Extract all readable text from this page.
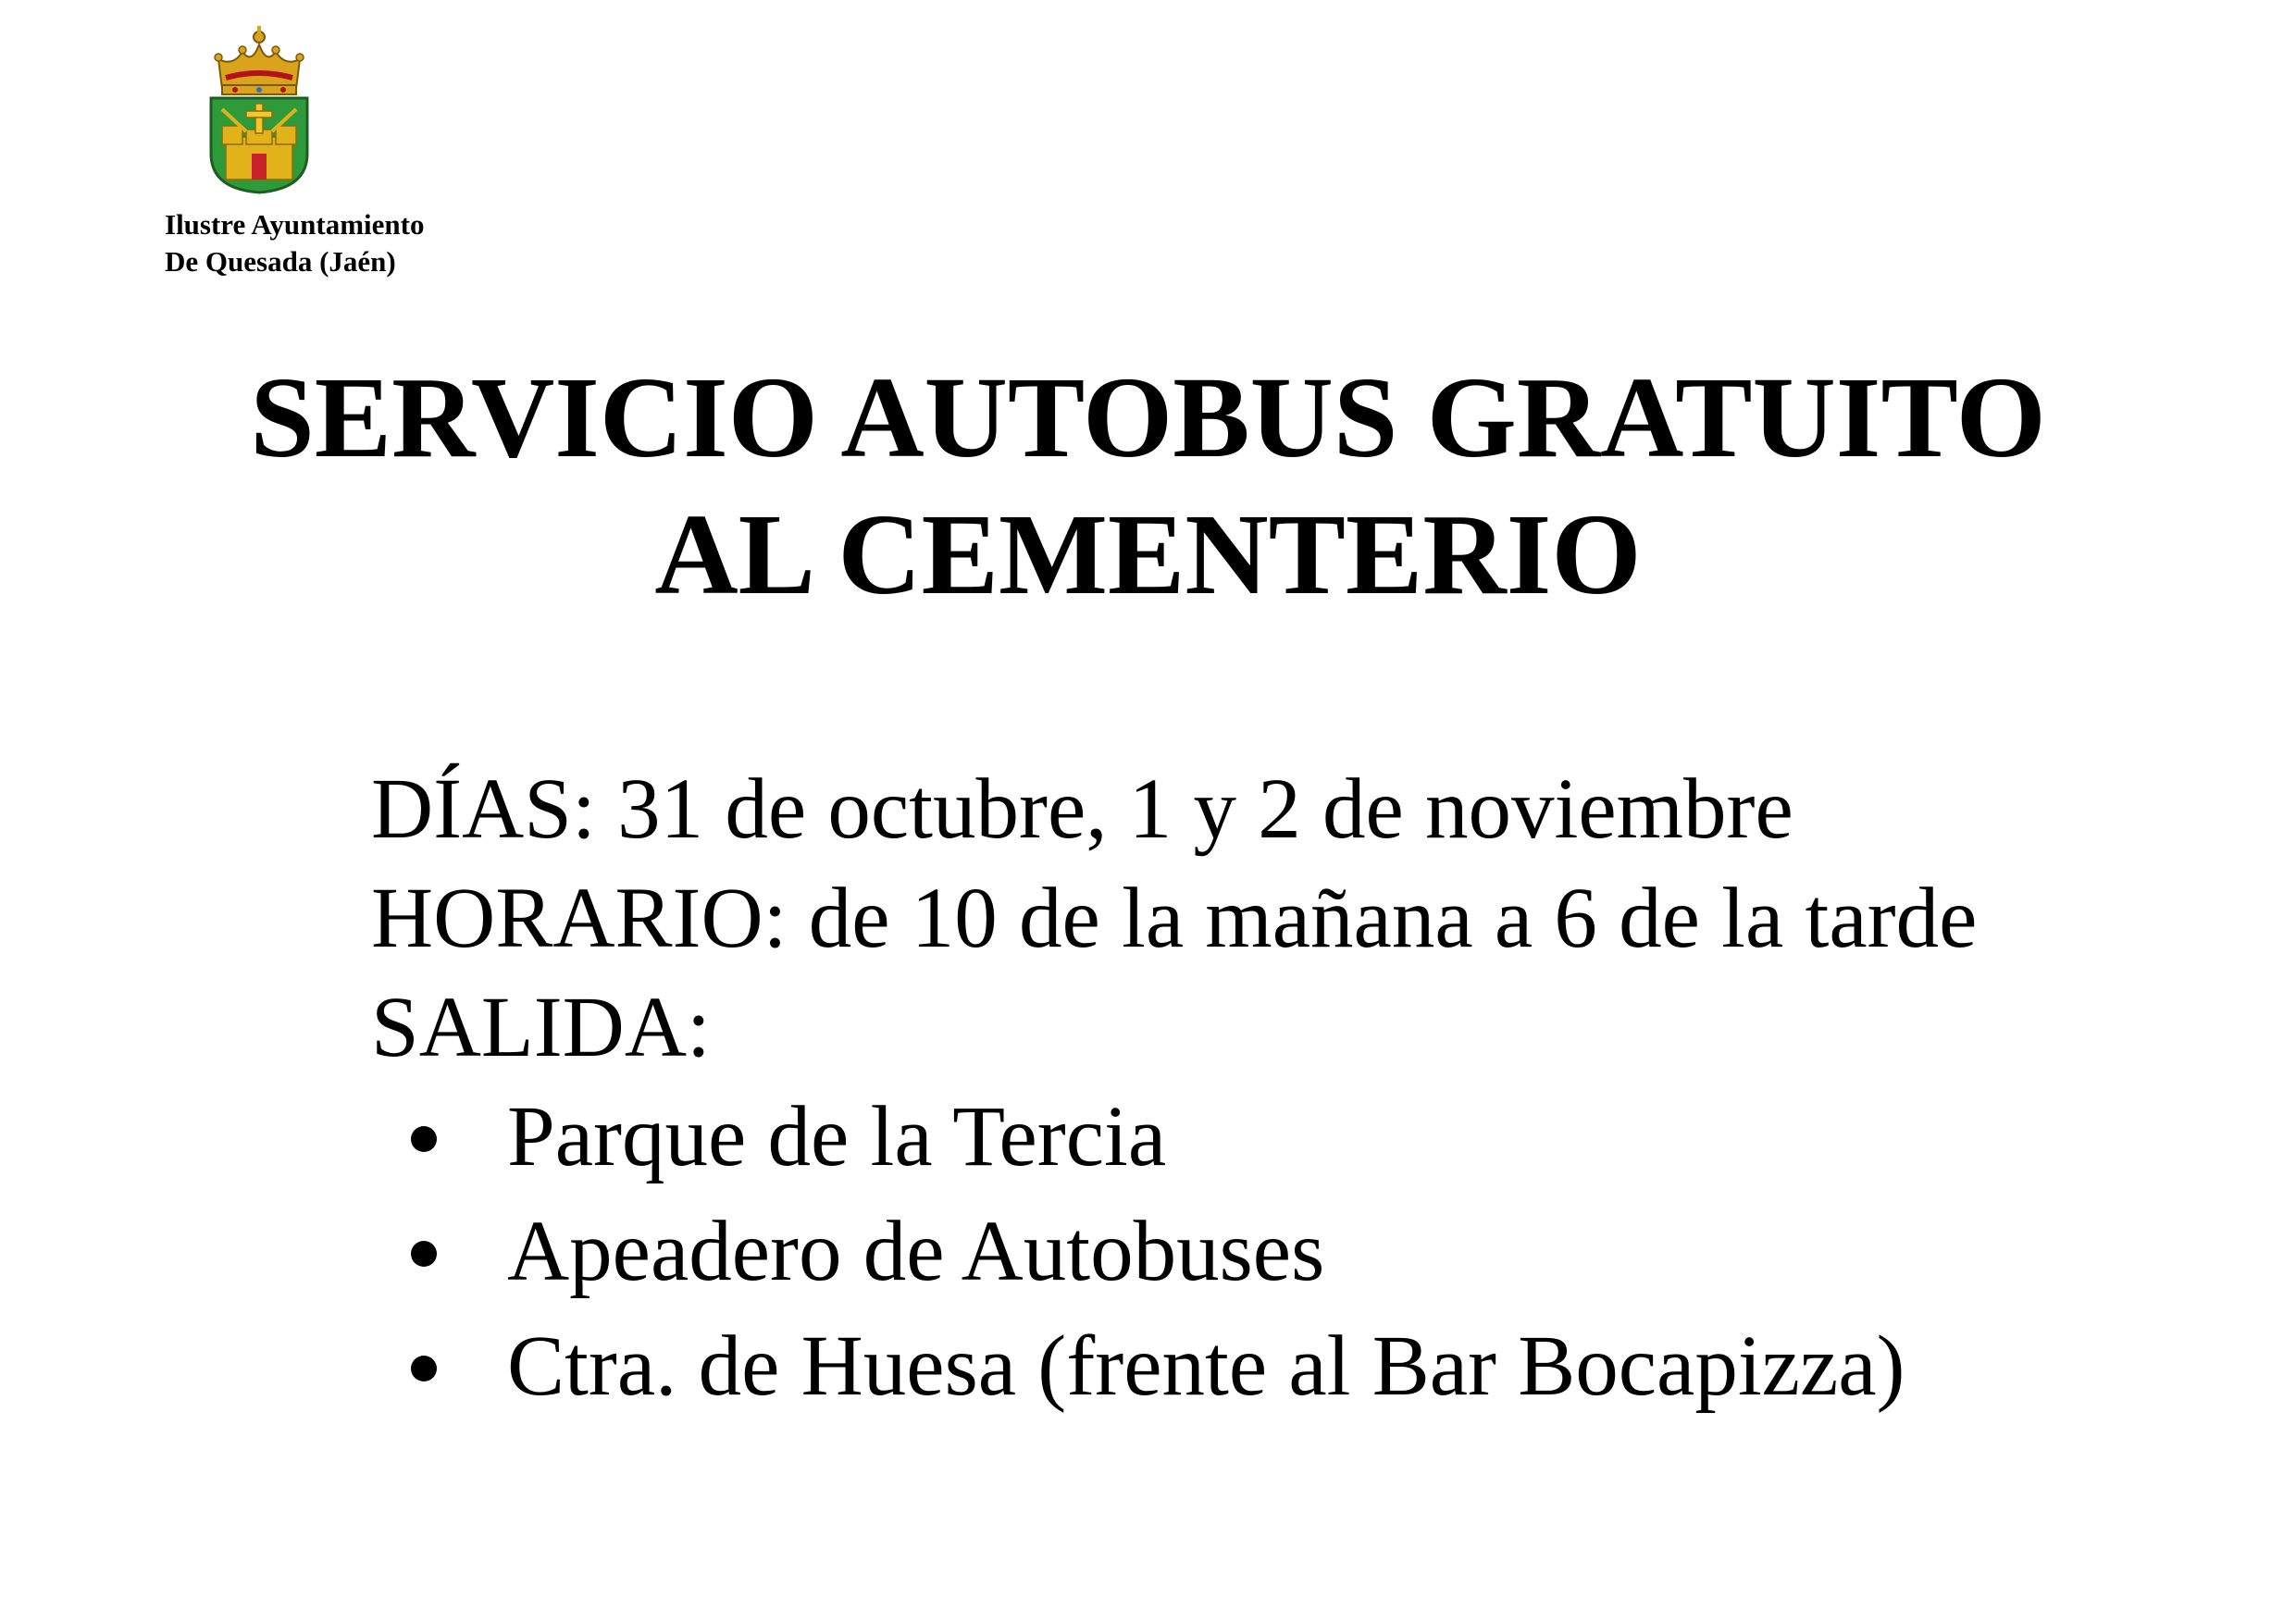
Ilustre Ayuntamiento
De Quesada (Jaén)
SERVICIO AUTOBUS GRATUITO
AL CEMENTERIO
DÍAS: 31 de octubre, 1 y 2 de noviembre
HORARIO: de 10 de la mañana a 6 de la tarde
SALIDA:
Parque de la Tercia
Apeadero de Autobuses
Ctra. de Huesa (frente al Bar Bocapizza)
